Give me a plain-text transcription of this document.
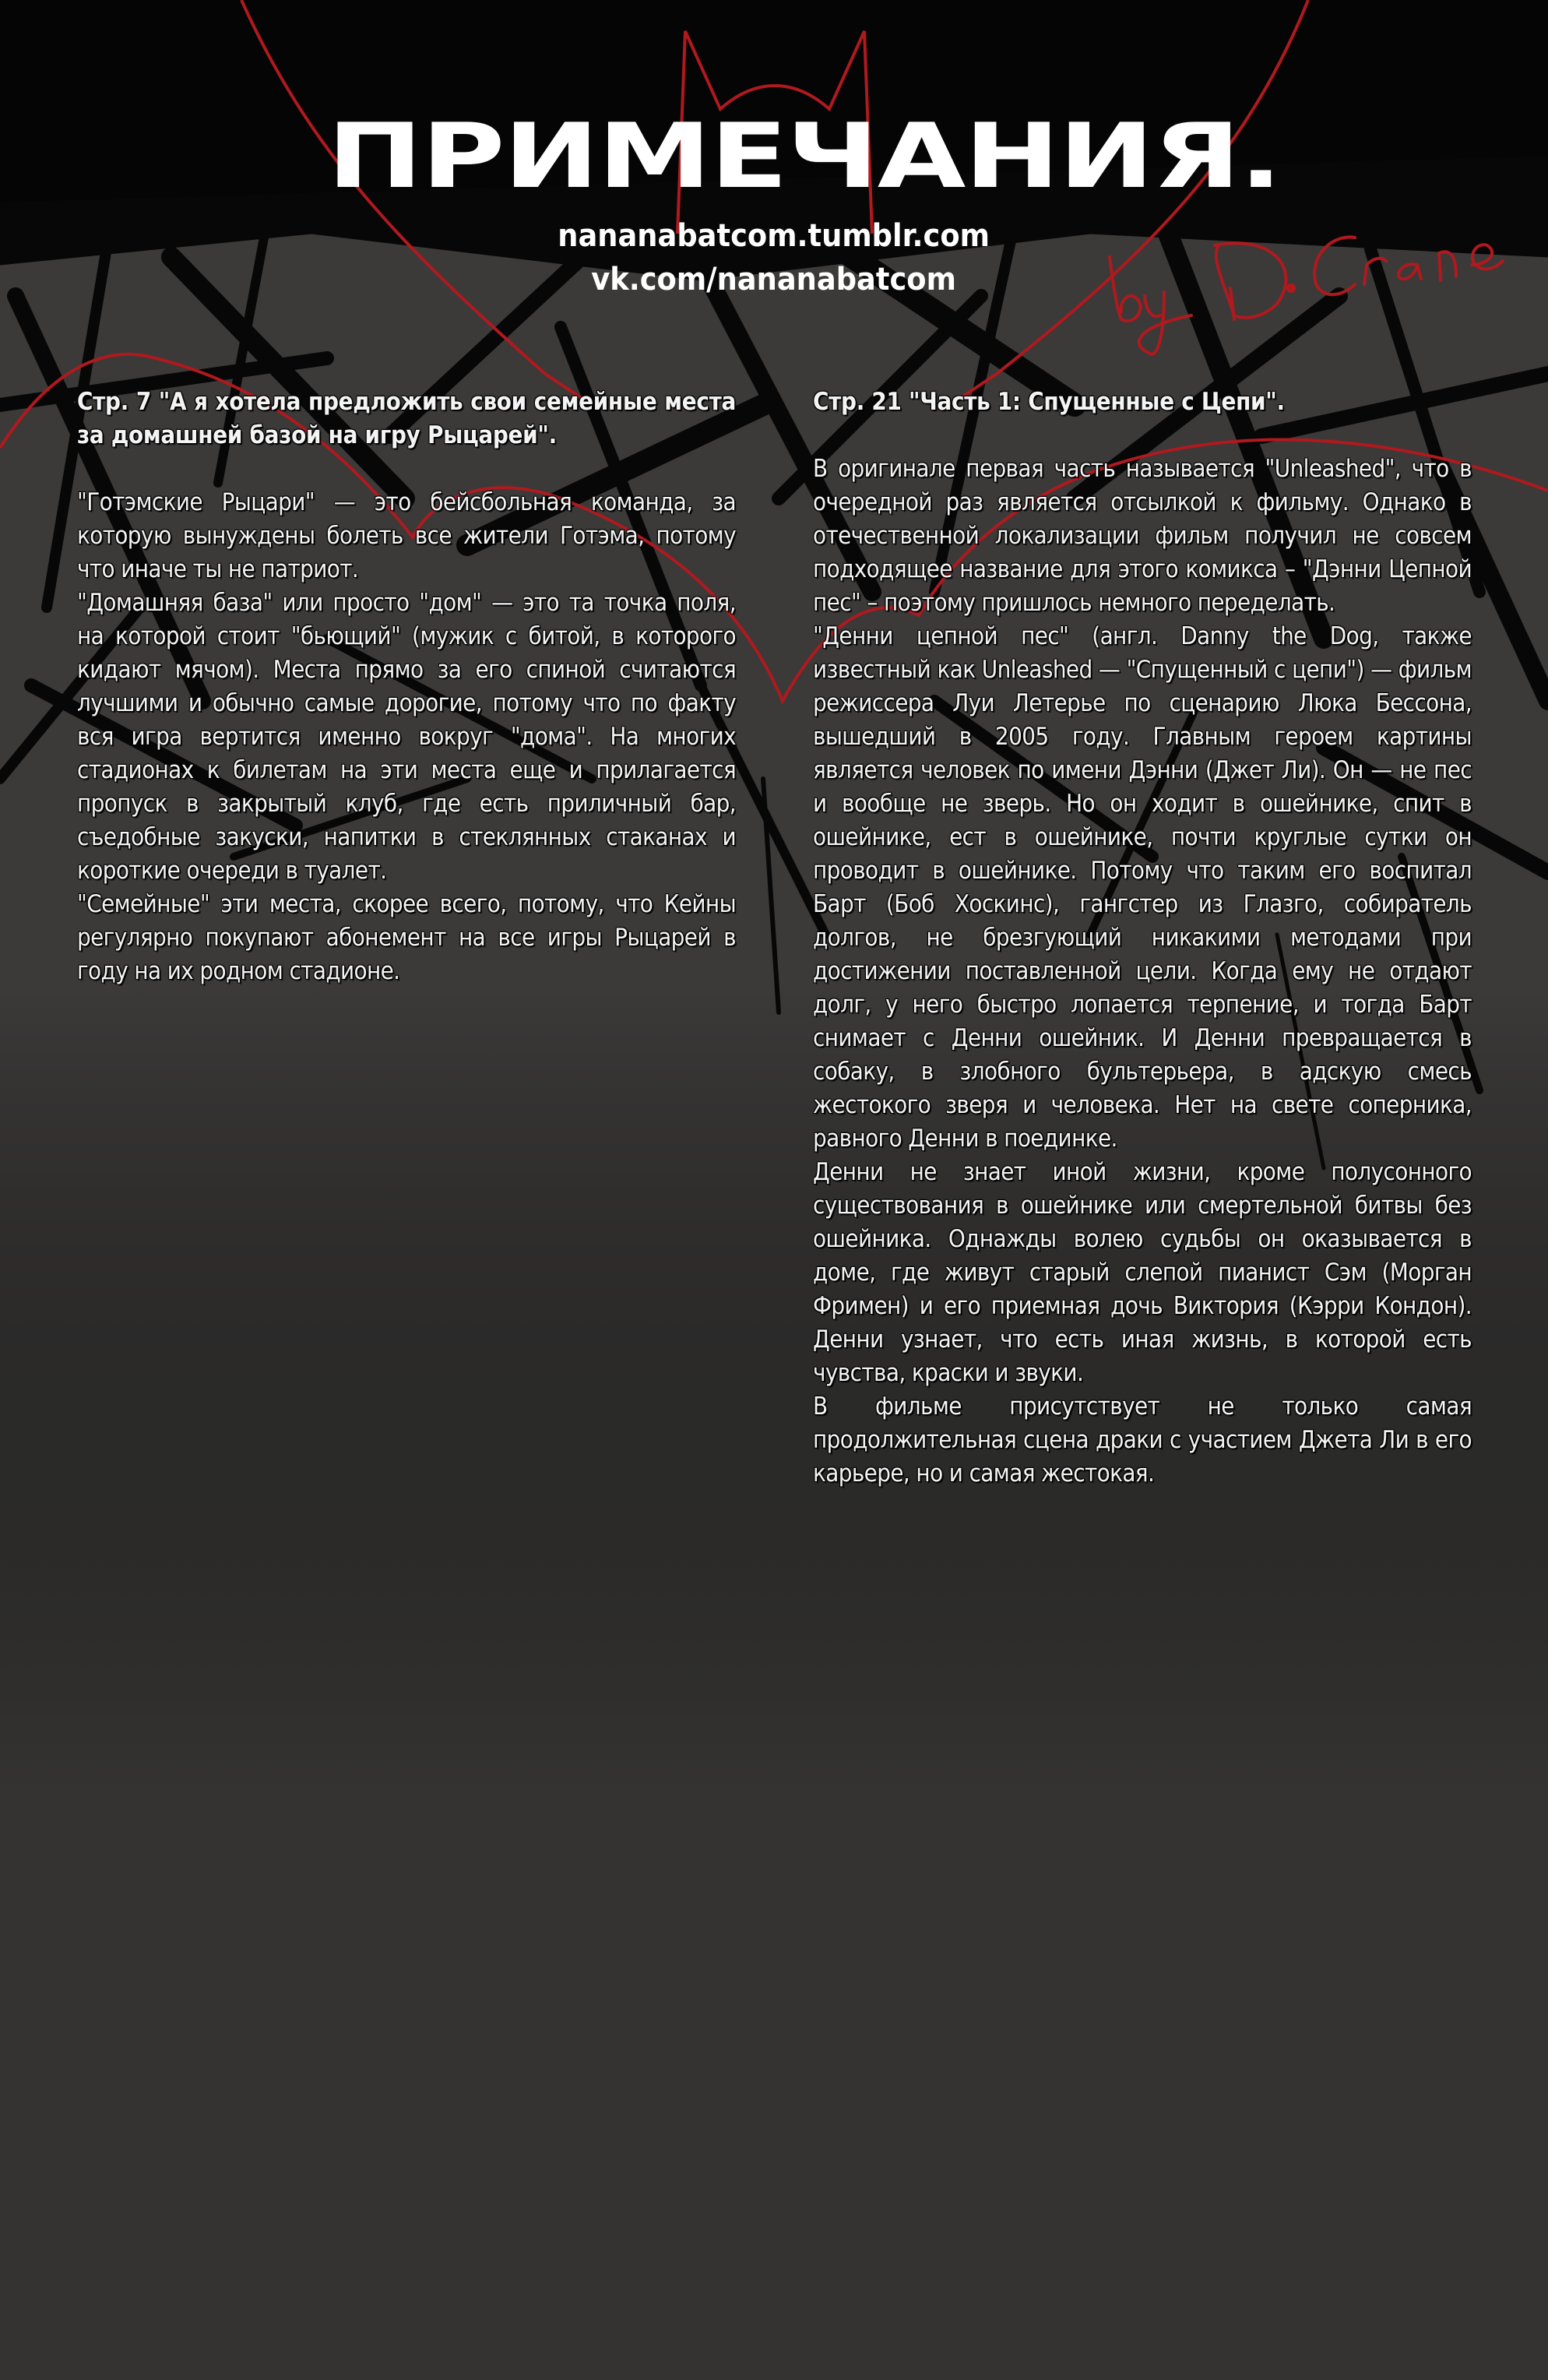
ПРИМЕЧАНИЯ.
nananabatcom.tumblr.com
vk.com/nananabatcom
Стр. 7 "А я хотела предложить свои семейные места за домашней базой на игру Рыцарей".

"Готэмские Рыцари" — это бейсбольная команда, за которую вынуждены болеть все жители Готэма, потому что иначе ты не патриот.

"Домашняя база" или просто "дом" — это та точка поля, на которой стоит "бьющий" (мужик с битой, в которого кидают мячом). Места прямо за его спиной считаются лучшими и обычно самые дорогие, потому что по факту вся игра вертится именно вокруг "дома". На многих стадионах к билетам на эти места еще и прилагается пропуск в закрытый клуб, где есть приличный бар, съедобные закуски, напитки в стеклянных стаканах и короткие очереди в туалет.

"Семейные" эти места, скорее всего, потому, что Кейны регулярно покупают абонемент на все игры Рыцарей в году на их родном стадионе.

Стр. 21 "Часть 1: Спущенные с Цепи".

В оригинале первая часть называется "Unleashed", что в очередной раз является отсылкой к фильму. Однако в отечественной локализации фильм получил не совсем подходящее название для этого комикса – "Дэнни Цепной пес" – поэтому пришлось немного переделать.

"Денни цепной пес" (англ. Danny the Dog, также известный как Unleashed — "Спущенный с цепи") — фильм режиссера Луи Летерье по сценарию Люка Бессона, вышедший в 2005 году. Главным героем картины является человек по имени Дэнни (Джет Ли). Он — не пес и вообще не зверь. Но он ходит в ошейнике, спит в ошейнике, ест в ошейнике, почти круглые сутки он проводит в ошейнике. Потому что таким его воспитал Барт (Боб Хоскинс), гангстер из Глазго, собиратель долгов, не брезгующий никакими методами при достижении поставленной цели. Когда ему не отдают долг, у него быстро лопается терпение, и тогда Барт снимает с Денни ошейник. И Денни превращается в собаку, в злобного бультерьера, в адскую смесь жестокого зверя и человека. Нет на свете соперника, равного Денни в поединке.

Денни не знает иной жизни, кроме полусонного существования в ошейнике или смертельной битвы без ошейника. Однажды волею судьбы он оказывается в доме, где живут старый слепой пианист Сэм (Морган Фримен) и его приемная дочь Виктория (Кэрри Кондон). Денни узнает, что есть иная жизнь, в которой есть чувства, краски и звуки.

В фильме присутствует не только самая продолжительная сцена драки с участием Джета Ли в его карьере, но и самая жестокая.
